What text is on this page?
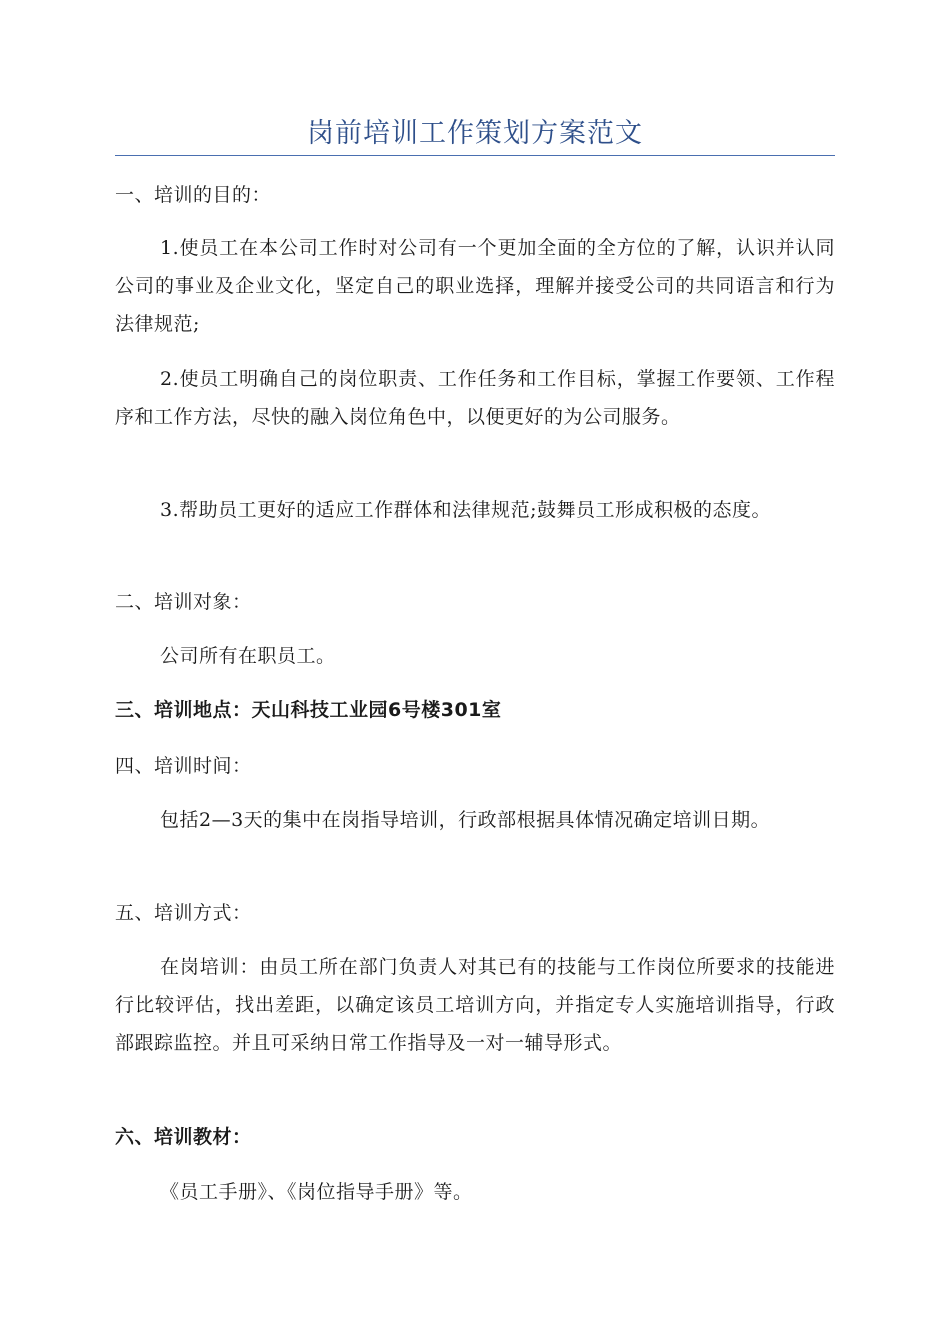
岗前培训工作策划方案范文

一、培训的目的：

1.使员工在本公司工作时对公司有一个更加全面的全方位的了解，认识并认同公司的事业及企业文化，坚定自己的职业选择，理解并接受公司的共同语言和行为法律规范;

2.使员工明确自己的岗位职责、工作任务和工作目标，掌握工作要领、工作程序和工作方法，尽快的融入岗位角色中，以便更好的为公司服务。

3.帮助员工更好的适应工作群体和法律规范;鼓舞员工形成积极的态度。

二、培训对象：

公司所有在职员工。

三、培训地点：天山科技工业园6号楼301室

四、培训时间：

包括2—3天的集中在岗指导培训，行政部根据具体情况确定培训日期。

五、培训方式：

在岗培训：由员工所在部门负责人对其已有的技能与工作岗位所要求的技能进行比较评估，找出差距，以确定该员工培训方向，并指定专人实施培训指导，行政部跟踪监控。并且可采纳日常工作指导及一对一辅导形式。

六、培训教材：

《员工手册》、《岗位指导手册》等。
